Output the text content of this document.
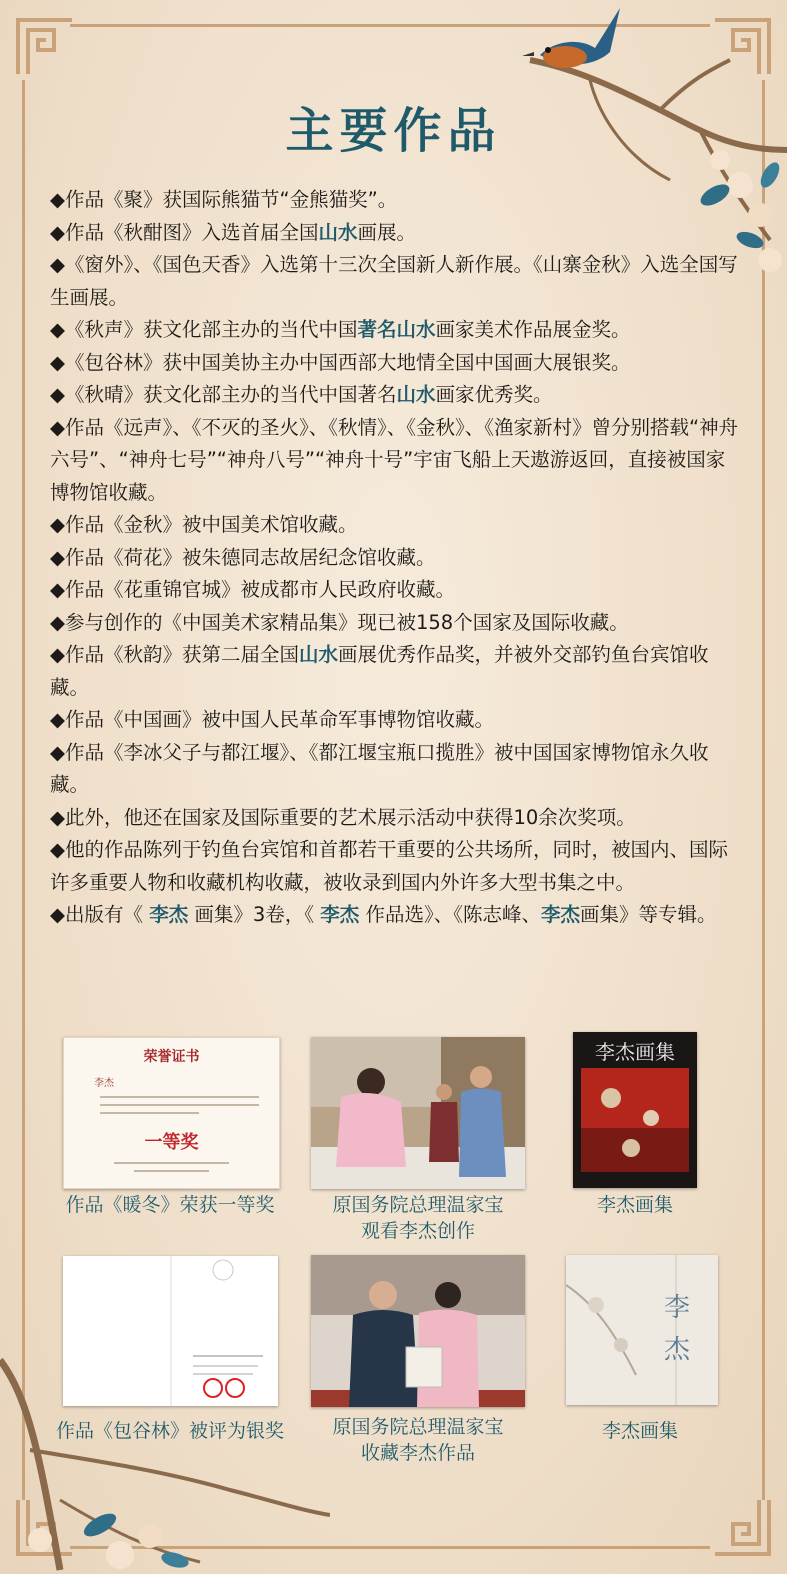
主要作品

◆作品《聚》获国际熊猫节“金熊猫奖”。

◆作品《秋酣图》入选首届全国山水画展。

◆《窗外》、《国色天香》入选第十三次全国新人新作展。《山寨金秋》入选全国写生画展。

◆《秋声》获文化部主办的当代中国著名山水画家美术作品展金奖。

◆《包谷林》获中国美协主办中国西部大地情全国中国画大展银奖。

◆《秋晴》获文化部主办的当代中国著名山水画家优秀奖。

◆作品《远声》、《不灭的圣火》、《秋情》、《金秋》、《渔家新村》曾分别搭载“神舟六号”、“神舟七号”“神舟八号”“神舟十号”宇宙飞船上天遨游返回，直接被国家博物馆收藏。

◆作品《金秋》被中国美术馆收藏。

◆作品《荷花》被朱德同志故居纪念馆收藏。

◆作品《花重锦官城》被成都市人民政府收藏。

◆参与创作的《中国美术家精品集》现已被158个国家及国际收藏。

◆作品《秋韵》获第二届全国山水画展优秀作品奖，并被外交部钓鱼台宾馆收藏。

◆作品《中国画》被中国人民革命军事博物馆收藏。

◆作品《李冰父子与都江堰》、《都江堰宝瓶口揽胜》被中国国家博物馆永久收藏。

◆此外，他还在国家及国际重要的艺术展示活动中获得10余次奖项。

◆他的作品陈列于钓鱼台宾馆和首都若干重要的公共场所，同时，被国内、国际许多重要人物和收藏机构收藏，被收录到国内外许多大型书集之中。

◆出版有《 李杰 画集》3卷，《 李杰 作品选》、《陈志峰、李杰画集》等专辑。

荣誉证书
李杰
一等奖
作品《暖冬》荣获一等奖	原国务院总理温家宝
观看李杰创作
李杰画集
李杰画集
作品《包谷林》被评为银奖	原国务院总理温家宝
收藏李杰作品
李
杰
李杰画集
